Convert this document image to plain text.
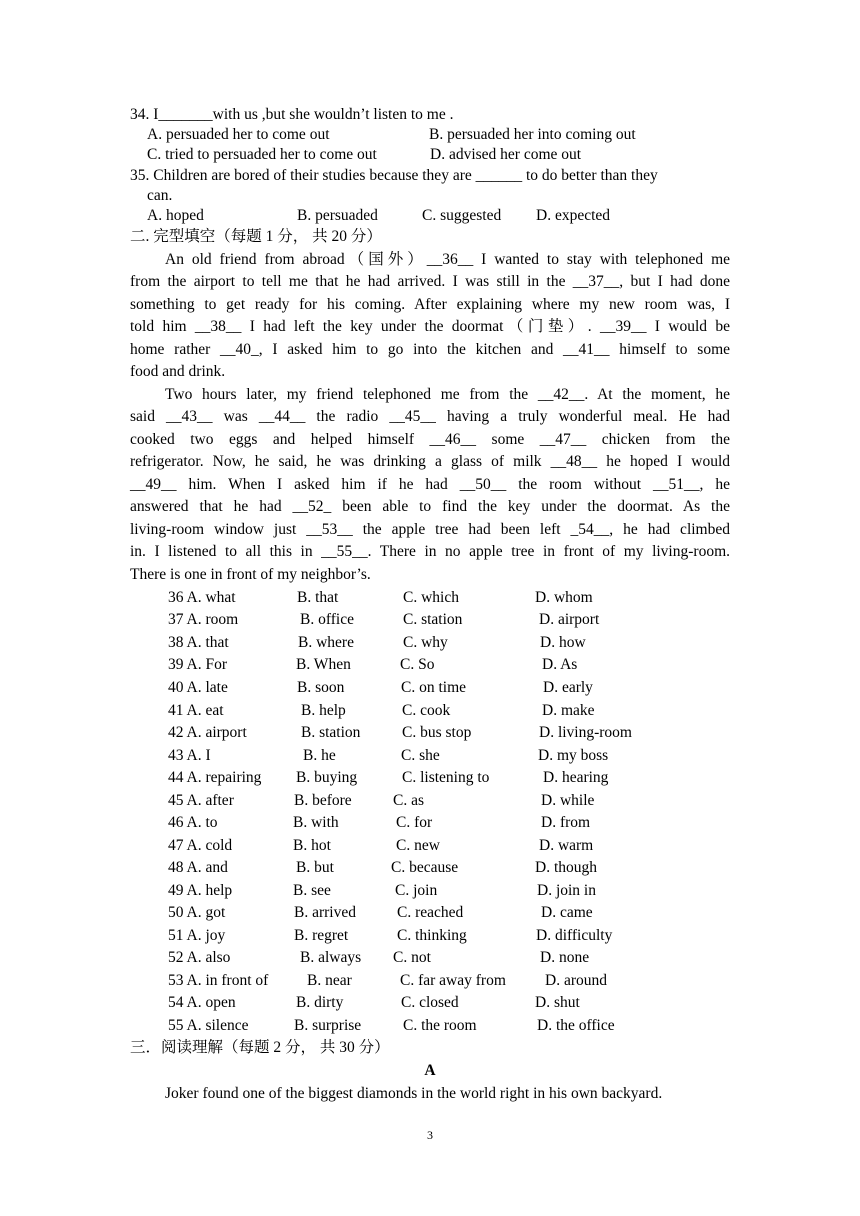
34. I_______with us ,but she wouldn’t listen to me .
A. persuaded her to come out	B. persuaded her into coming out
C. tried to persuaded her to come out	D. advised her come out
35. Children are bored of their studies because they are ______ to do better than they
can.
A. hoped	B. persuaded	C. suggested D. expected
二. 完型填空（每题 1 分， 共 20 分）
An old friend from abroad（国外）__36__ I wanted to stay with telephoned me
from the airport to tell me that he had arrived. I was still in the __37__, but I had done
something to get ready for his coming. After explaining where my new room was, I
told him __38__ I had left the key under the doormat（门垫）. __39__ I would be
home rather __40_, I asked him to go into the kitchen and __41__ himself to some
food and drink.
Two hours later, my friend telephoned me from the __42__. At the moment, he
said __43__ was __44__ the radio __45__ having a truly wonderful meal. He had
cooked two eggs and helped himself __46__ some __47__ chicken from the
refrigerator. Now, he said, he was drinking a glass of milk __48__ he hoped I would
__49__ him. When I asked him if he had __50__ the room without __51__, he
answered that he had __52_ been able to find the key under the doormat. As the
living-room window just __53__ the apple tree had been left _54__, he had climbed
in. I listened to all this in __55__. There in no apple tree in front of my living-room.
There is one in front of my neighbor’s.
36 A. what	B. that	C. which	D. whom
37 A. room	B. office	C. station	D. airport
38 A. that	B. where	C. why	D. how
39 A. For	B. When	C. So	D. As
40 A. late	B. soon	C. on time	D. early
41 A. eat	B. help	C. cook	D. make
42 A. airport	B. station	C. bus stop	D. living-room
43 A. I	B. he	C. she	D. my boss
44 A. repairing B. buying	C. listening to	D. hearing
45 A. after	B. before	C. as	D. while
46 A. to	B. with	C. for	D. from
47 A. cold	B. hot	C. new	D. warm
48 A. and	B. but	C. because	D. though
49 A. help	B. see	C. join	D. join in
50 A. got	B. arrived	C. reached	D. came
51 A. joy	B. regret	C. thinking	D. difficulty
52 A. also	B. always C. not	D. none
53 A. in front of B. near	C. far away from	D. around
54 A. open	B. dirty	C. closed	D. shut
55 A. silence	B. surprise	C. the room	D. the office
三．阅读理解（每题 2 分， 共 30 分）
A
Joker found one of the biggest diamonds in the world right in his own backyard.
3
